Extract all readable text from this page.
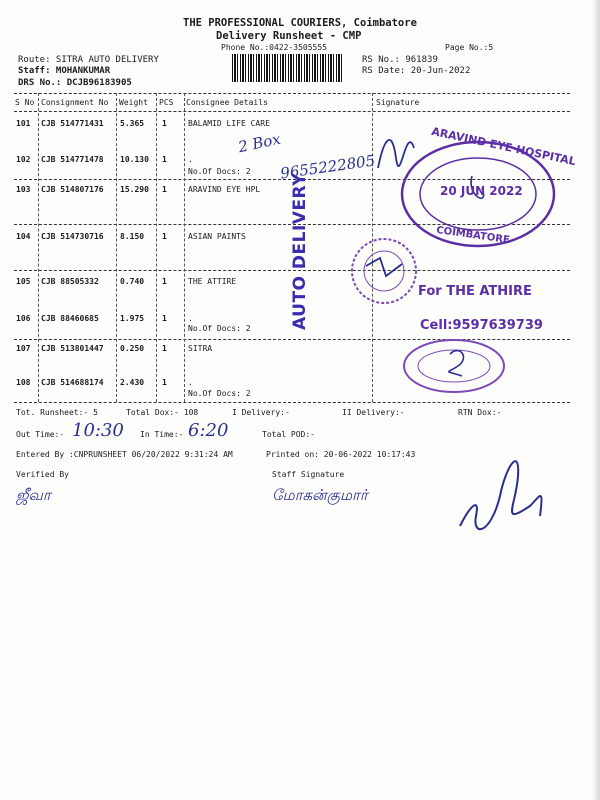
THE PROFESSIONAL COURIERS, Coimbatore
Delivery Runsheet - CMP
Phone No.:0422-3505555	Page No.:5
Route: SITRA AUTO DELIVERY
Staff: MOHANKUMAR
DRS No.: DCJB96183905
RS No.: 961839
RS Date: 20-Jun-2022
S No Consignment No Weight PCS Consignee Details	Signature
101 CJB 514771431 5.365 1	BALAMID LIFE CARE
102 CJB 514771478 10.130 1	.
No.Of Docs: 2
103 CJB 514807176 15.290 1	ARAVIND EYE HPL
104 CJB 514730716 8.150 1	ASIAN PAINTS
105 CJB 88505332	0.740 1	THE ATTIRE
106 CJB 88460685	1.975 1	.
No.Of Docs: 2
107 CJB 513801447 0.250 1	SITRA
108 CJB 514688174 2.430 1	.
No.Of Docs: 2
2 Box
9655222805	ARAVIND EYE HOSPITAL
20 JUN 2022
COIMBATORE
AUTO DELIVERY	For THE ATHIRE
Cell:9597639739
Tot. Runsheet:- 5	Total Dox:- 108	I Delivery:-	II Delivery:-	RTN Dox:-
Out Time:- 10:30 In Time:- 6:20	Total POD:-
Entered By :CNPRUNSHEET 06/20/2022 9:31:24 AM	Printed on: 20-06-2022 10:17:43
Verified By	Staff Signature
ஜீவா	மோகன்குமார்
